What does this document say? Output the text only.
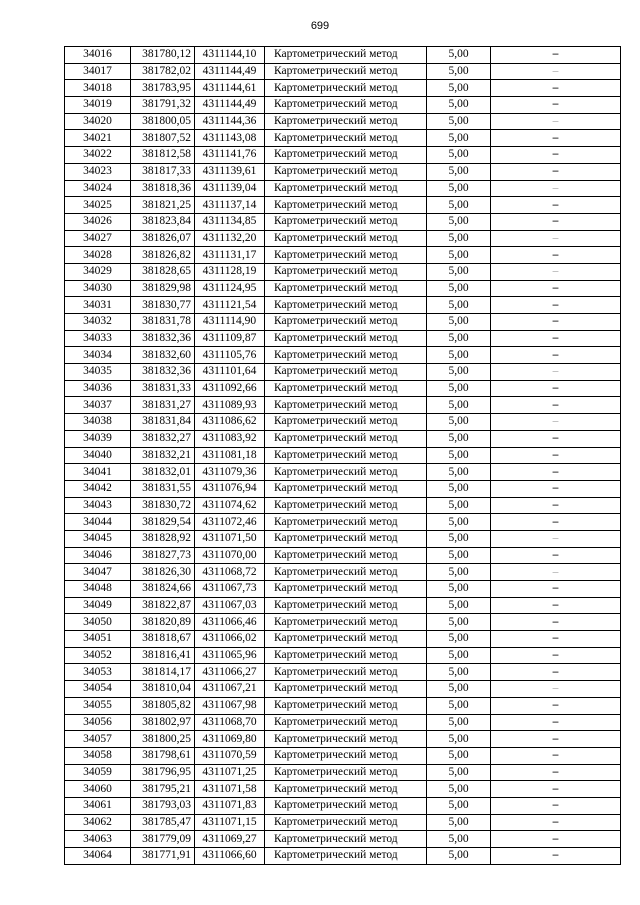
699
34016	381780,12	4311144,10	Картометрический метод	5,00	–
34017	381782,02	4311144,49	Картометрический метод	5,00	–
34018	381783,95	4311144,61	Картометрический метод	5,00	–
34019	381791,32	4311144,49	Картометрический метод	5,00	–
34020	381800,05	4311144,36	Картометрический метод	5,00	–
34021	381807,52	4311143,08	Картометрический метод	5,00	–
34022	381812,58	4311141,76	Картометрический метод	5,00	–
34023	381817,33	4311139,61	Картометрический метод	5,00	–
34024	381818,36	4311139,04	Картометрический метод	5,00	–
34025	381821,25	4311137,14	Картометрический метод	5,00	–
34026	381823,84	4311134,85	Картометрический метод	5,00	–
34027	381826,07	4311132,20	Картометрический метод	5,00	–
34028	381826,82	4311131,17	Картометрический метод	5,00	–
34029	381828,65	4311128,19	Картометрический метод	5,00	–
34030	381829,98	4311124,95	Картометрический метод	5,00	–
34031	381830,77	4311121,54	Картометрический метод	5,00	–
34032	381831,78	4311114,90	Картометрический метод	5,00	–
34033	381832,36	4311109,87	Картометрический метод	5,00	–
34034	381832,60	4311105,76	Картометрический метод	5,00	–
34035	381832,36	4311101,64	Картометрический метод	5,00	–
34036	381831,33	4311092,66	Картометрический метод	5,00	–
34037	381831,27	4311089,93	Картометрический метод	5,00	–
34038	381831,84	4311086,62	Картометрический метод	5,00	–
34039	381832,27	4311083,92	Картометрический метод	5,00	–
34040	381832,21	4311081,18	Картометрический метод	5,00	–
34041	381832,01	4311079,36	Картометрический метод	5,00	–
34042	381831,55	4311076,94	Картометрический метод	5,00	–
34043	381830,72	4311074,62	Картометрический метод	5,00	–
34044	381829,54	4311072,46	Картометрический метод	5,00	–
34045	381828,92	4311071,50	Картометрический метод	5,00	–
34046	381827,73	4311070,00	Картометрический метод	5,00	–
34047	381826,30	4311068,72	Картометрический метод	5,00	–
34048	381824,66	4311067,73	Картометрический метод	5,00	–
34049	381822,87	4311067,03	Картометрический метод	5,00	–
34050	381820,89	4311066,46	Картометрический метод	5,00	–
34051	381818,67	4311066,02	Картометрический метод	5,00	–
34052	381816,41	4311065,96	Картометрический метод	5,00	–
34053	381814,17	4311066,27	Картометрический метод	5,00	–
34054	381810,04	4311067,21	Картометрический метод	5,00	–
34055	381805,82	4311067,98	Картометрический метод	5,00	–
34056	381802,97	4311068,70	Картометрический метод	5,00	–
34057	381800,25	4311069,80	Картометрический метод	5,00	–
34058	381798,61	4311070,59	Картометрический метод	5,00	–
34059	381796,95	4311071,25	Картометрический метод	5,00	–
34060	381795,21	4311071,58	Картометрический метод	5,00	–
34061	381793,03	4311071,83	Картометрический метод	5,00	–
34062	381785,47	4311071,15	Картометрический метод	5,00	–
34063	381779,09	4311069,27	Картометрический метод	5,00	–
34064	381771,91	4311066,60	Картометрический метод	5,00	–
